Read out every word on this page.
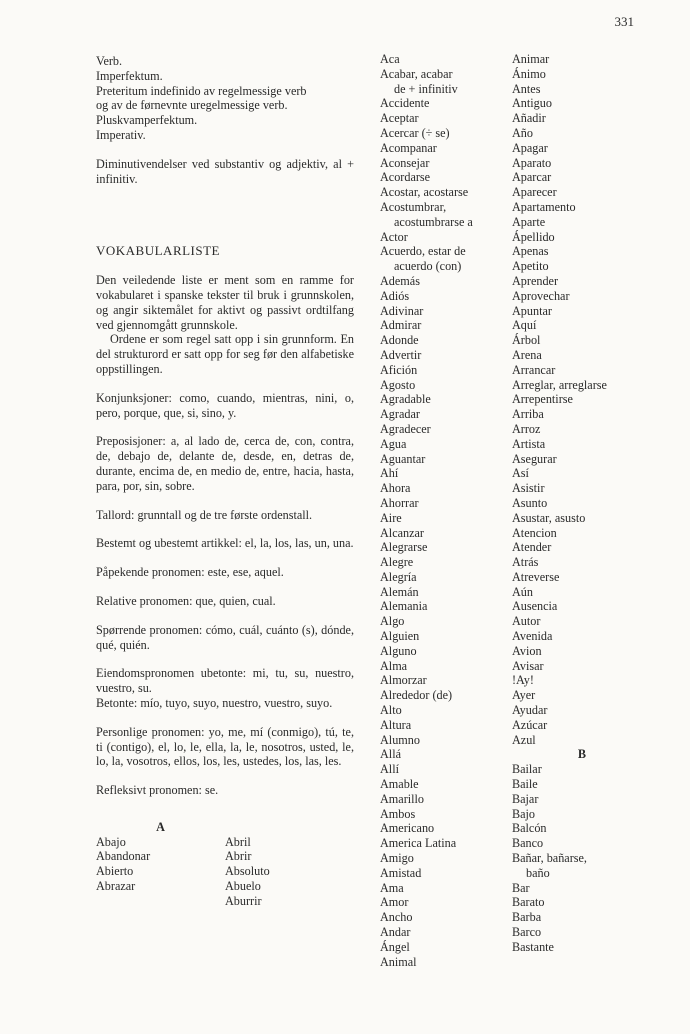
331
Verb.
Imperfektum.
Preteritum indefinido av regelmessige verb
og av de førnevnte uregelmessige verb.
Pluskvamperfektum.
Imperativ.
Diminutivendelser ved substantiv og adjektiv, al + infinitiv.
VOKABULARLISTE
Den veiledende liste er ment som en ramme for vokabularet i spanske tekster til bruk i grunnskolen, og angir siktemålet for aktivt og passivt ordtilfang ved gjennomgått grunnskole.
Ordene er som regel satt opp i sin grunnform. En del strukturord er satt opp for seg før den alfabetiske oppstillingen.
Konjunksjoner: como, cuando, mientras, nini, o, pero, porque, que, si, sino, y.
Preposisjoner: a, al lado de, cerca de, con, contra, de, debajo de, delante de, desde, en, detras de, durante, encima de, en medio de, entre, hacia, hasta, para, por, sin, sobre.
Tallord: grunntall og de tre første ordenstall.
Bestemt og ubestemt artikkel: el, la, los, las, un, una.
Påpekende pronomen: este, ese, aquel.
Relative pronomen: que, quien, cual.
Spørrende pronomen: cómo, cuál, cuánto (s), dónde, qué, quién.
Eiendomspronomen ubetonte: mi, tu, su, nuestro, vuestro, su.
Betonte: mío, tuyo, suyo, nuestro, vuestro, suyo.
Personlige pronomen: yo, me, mí (conmigo), tú, te, ti (contigo), el, lo, le, ella, la, le, nosotros, usted, le, lo, la, vosotros, ellos, los, les, ustedes, los, las, les.
Refleksivt pronomen: se.
A
Abajo
Abandonar
Abierto
Abrazar

Abril
Abrir
Absoluto
Abuelo
Aburrir
Aca
Acabar, acabar
de + infinitiv
Accidente
Aceptar
Acercar (÷ se)
Acompanar
Aconsejar
Acordarse
Acostar, acostarse
Acostumbrar,
acostumbrarse a
Actor
Acuerdo, estar de
acuerdo (con)
Además
Adiós
Adivinar
Admirar
Adonde
Advertir
Afición
Agosto
Agradable
Agradar
Agradecer
Agua
Aguantar
Ahí
Ahora
Ahorrar
Aire
Alcanzar
Alegrarse
Alegre
Alegría
Alemán
Alemania
Algo
Alguien
Alguno
Alma
Almorzar
Alrededor (de)
Alto
Altura
Alumno
Allá
Allí
Amable
Amarillo
Ambos
Americano
America Latina
Amigo
Amistad
Ama
Amor
Ancho
Andar
Ángel
Animal
Animar
Ánimo
Antes
Antiguo
Añadir
Año
Apagar
Aparato
Aparcar
Aparecer
Apartamento
Aparte
Ápellido
Apenas
Apetito
Aprender
Aprovechar
Apuntar
Aquí
Árbol
Arena
Arrancar
Arreglar, arreglarse
Arrepentirse
Arriba
Arroz
Artista
Asegurar
Así
Asistir
Asunto
Asustar, asusto
Atencion
Atender
Atrás
Atreverse
Aún
Ausencia
Autor
Avenida
Avion
Avisar
!Ay!
Ayer
Ayudar
Azúcar
Azul
B
Bailar
Baile
Bajar
Bajo
Balcón
Banco
Bañar, bañarse,
baño
Bar
Barato
Barba
Barco
Bastante
